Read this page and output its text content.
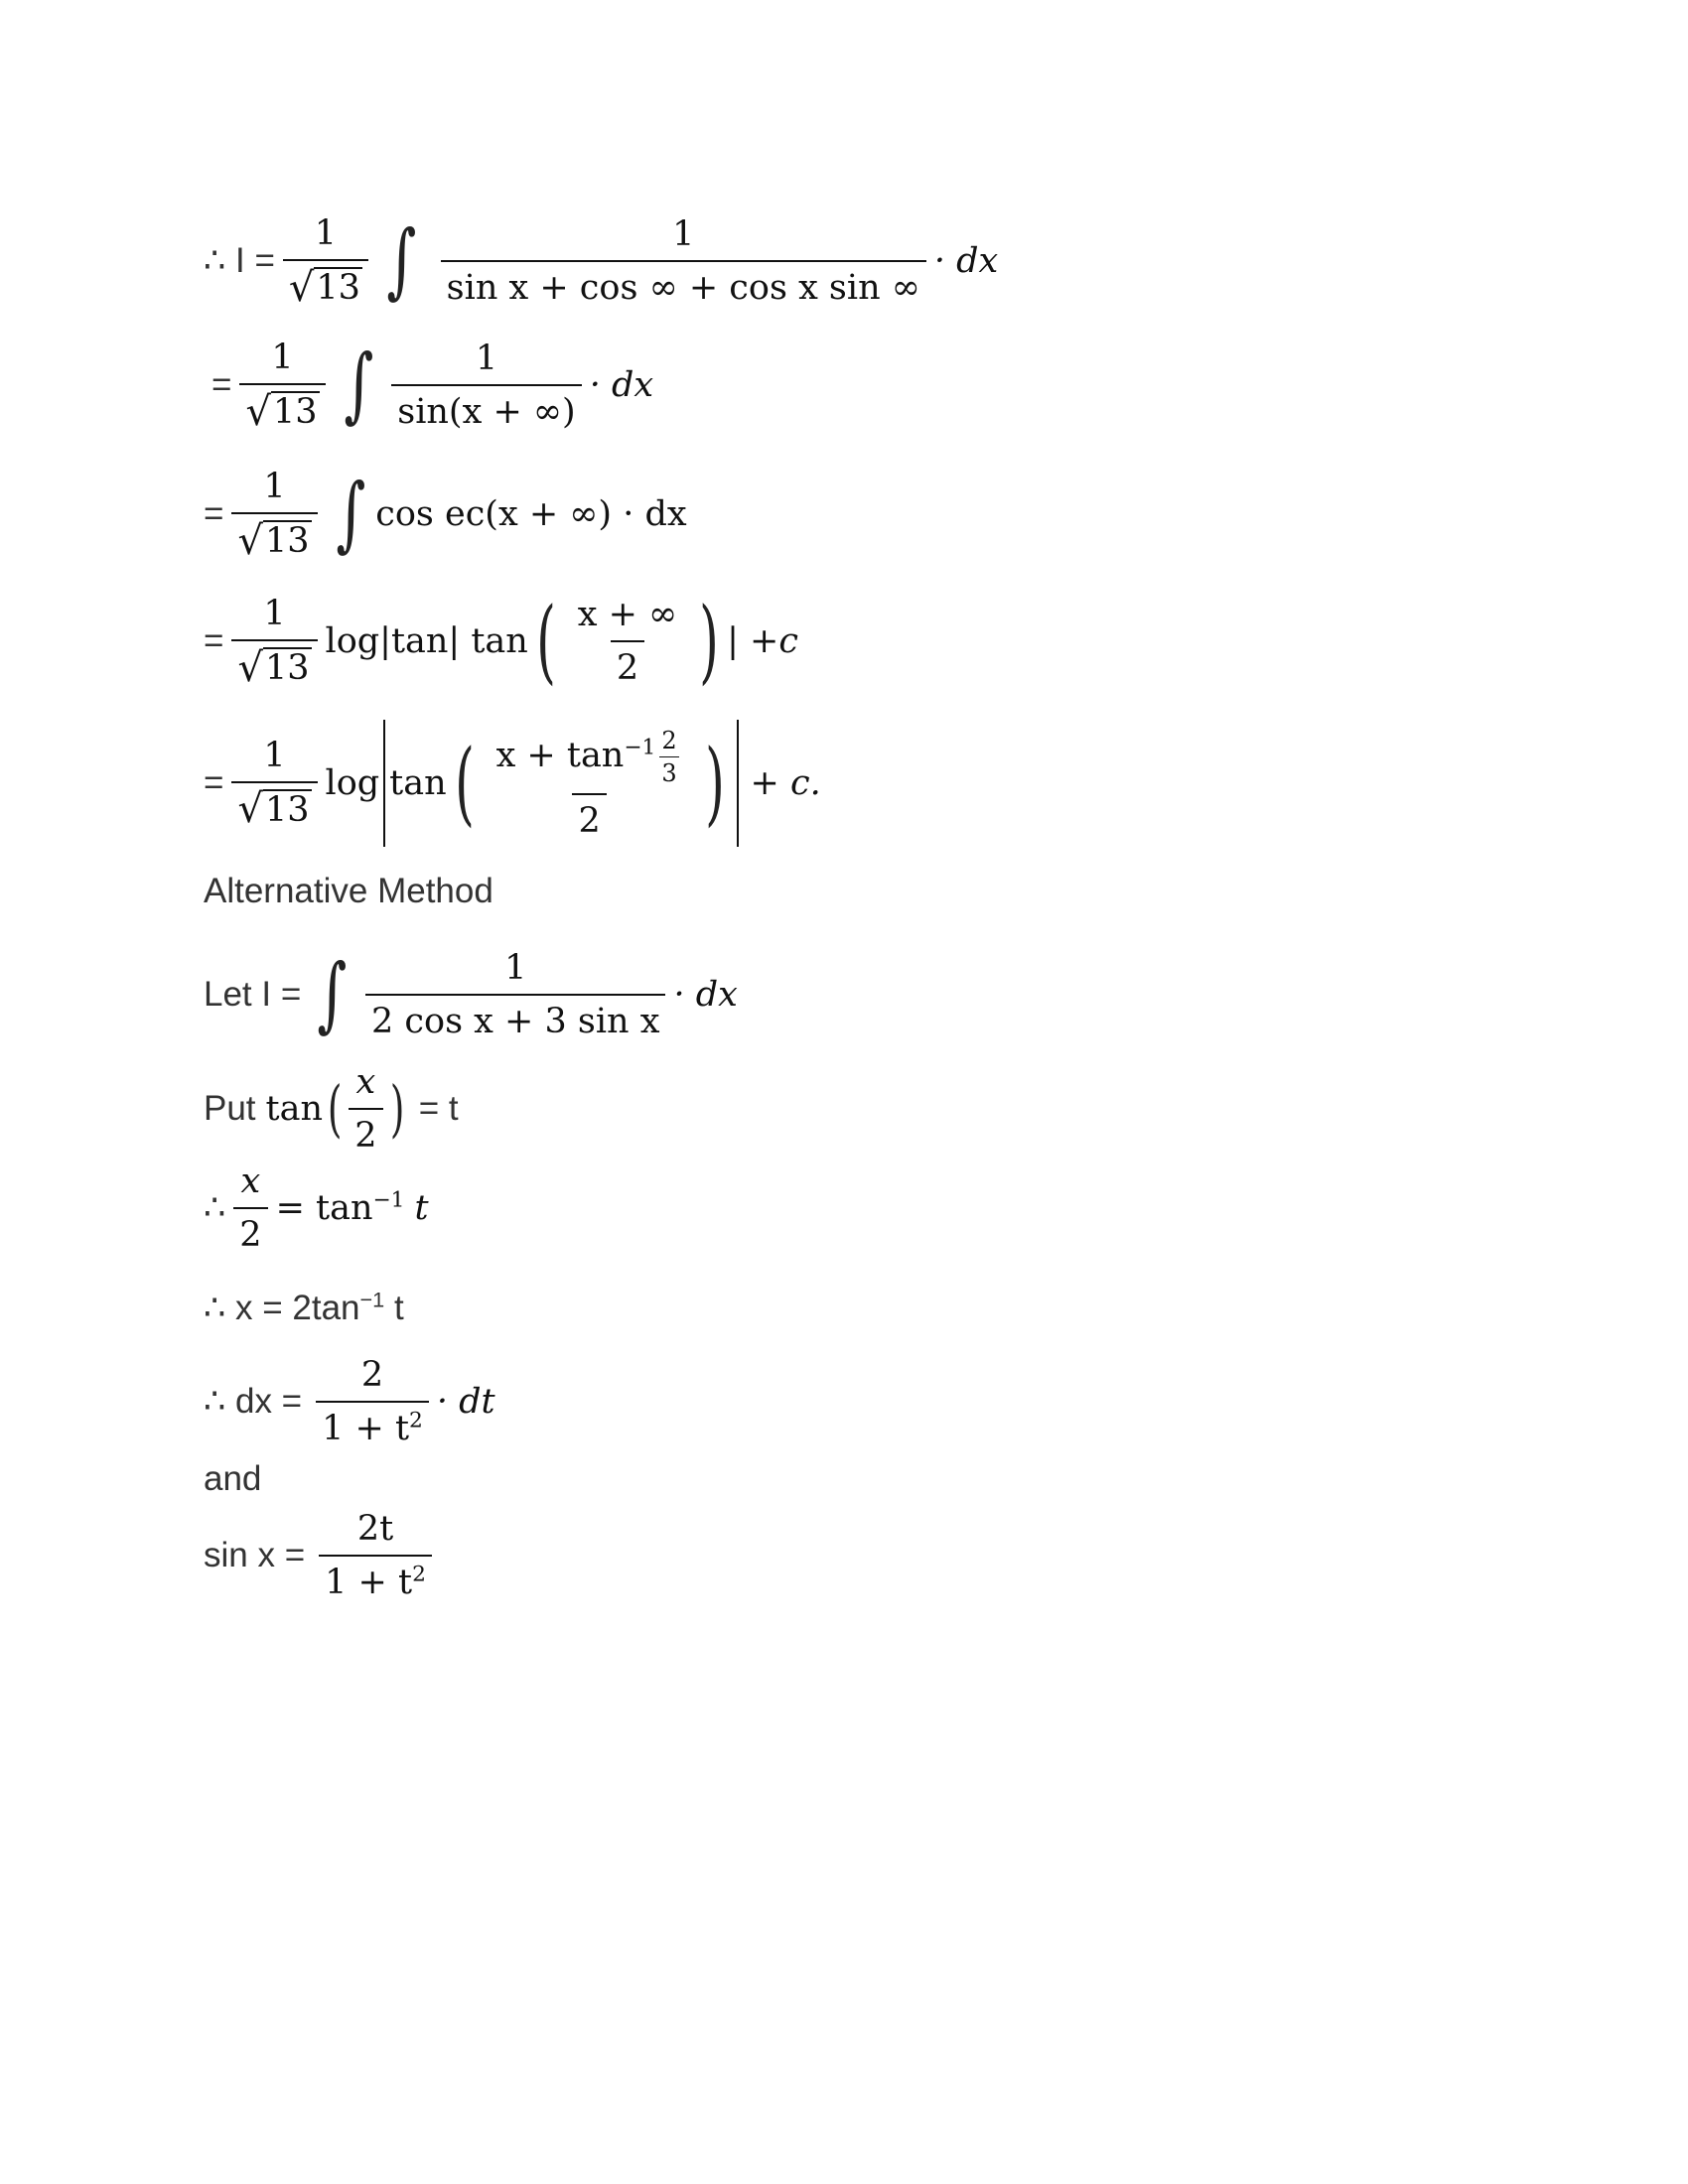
∴ $I = \frac{1}{√ 13}$ ∫ $\frac{1}{\text{sin x + cos ∞ + cos x sin ∞}}$ · dx
= $\frac{1}{√ 13}$ ∫ $\frac{1}{\sin(x + \infty)}$ · dx
= $\frac{1}{√ 13}$ ∫ cos ec(x + ∞) · dx
= $\frac{1}{√ 13} \log|\tan|$ tan ( $\frac{x + \infty}{2}$ ) | +c
= $\frac{1}{√ 13}$ log tan ( $\frac{x + \tan^{-1} \frac{2}{3}}{2}$ ) + c.
Alternative Method
Let I = ∫ $\frac{1}{\text{2 cos x + 3 sin x}}$ · dx
Put tan ( $\frac{x}{2}$ ) = t
∴ $\frac{x}{2} = \tan^{-1} t$
∴ $x = 2\tan^{-1}$ t
∴ dx = $\frac{2}{1 + t^2}$ · dt
and
$\sin x = \frac{2t}{1 + t^2}$
